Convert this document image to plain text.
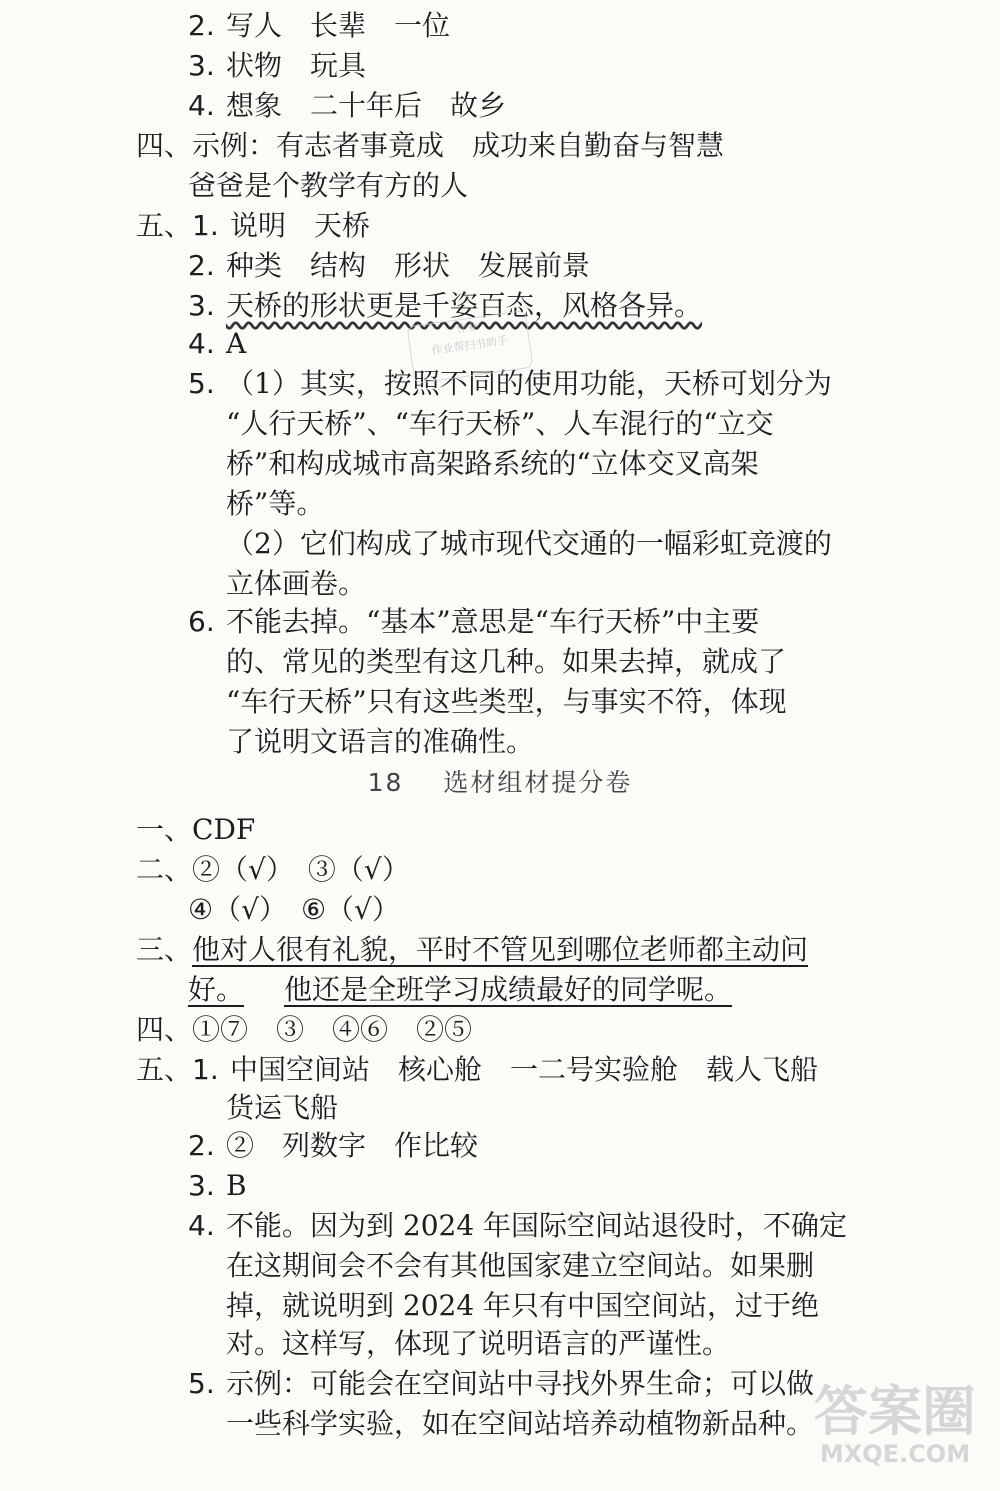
2. 写人　长辈　一位
3. 状物　玩具
4. 想象　二十年后　故乡
四、示例：有志者事竟成　成功来自勤奋与智慧
爸爸是个教学有方的人
五、1. 说明　天桥
2. 种类　结构　形状　发展前景
3. 天桥的形状更是千姿百态，风格各异。
4. A
5. （1）其实，按照不同的使用功能，天桥可划分为
“人行天桥”、“车行天桥”、人车混行的“立交
桥”和构成城市高架路系统的“立体交叉高架
桥”等。
（2）它们构成了城市现代交通的一幅彩虹竞渡的
立体画卷。
6. 不能去掉。“基本”意思是“车行天桥”中主要
的、常见的类型有这几种。如果去掉，就成了
“车行天桥”只有这些类型，与事实不符，体现
了说明文语言的准确性。
18 选材组材提分卷
一、CDF
二、②（√）　③（√）
④（√）　⑥（√）
三、他对人很有礼貌，平时不管见到哪位老师都主动问
好。 他还是全班学习成绩最好的同学呢。
四、①⑦　③　④⑥　②⑤
五、1. 中国空间站　核心舱　一二号实验舱　载人飞船
货运飞船
2. ②　列数字　作比较
3. B
4. 不能。因为到 2024 年国际空间站退役时，不确定
在这期间会不会有其他国家建立空间站。如果删
掉，就说明到 2024 年只有中国空间站，过于绝
对。这样写，体现了说明语言的严谨性。
5. 示例：可能会在空间站中寻找外界生命；可以做
一些科学实验，如在空间站培养动植物新品种。
作业
作业帮扫书助手
答案圈
MXQE.COM
